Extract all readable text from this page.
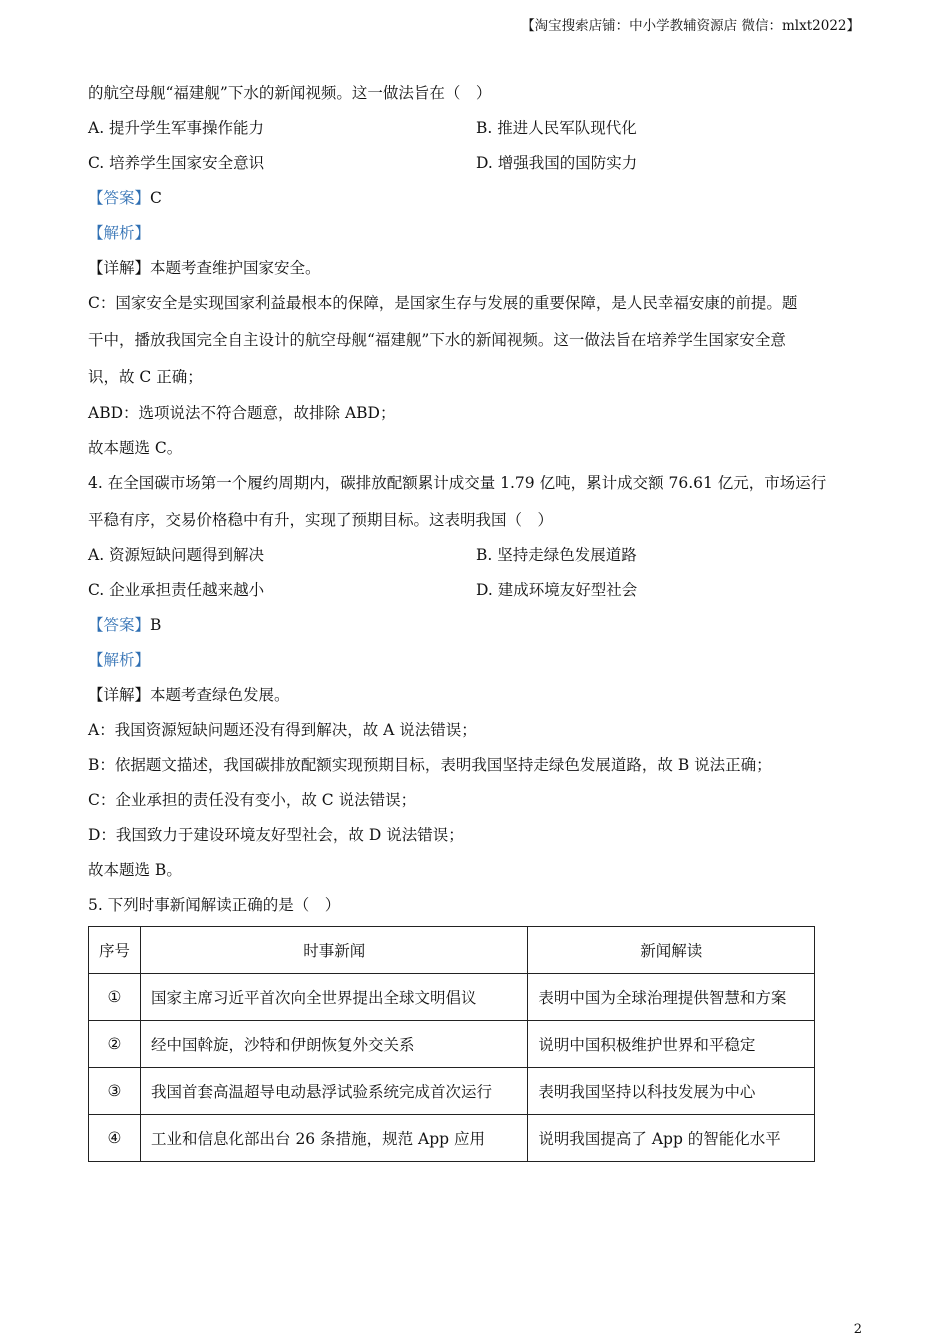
【淘宝搜索店铺：中小学教辅资源店 微信：mlxt2022】
的航空母舰“福建舰”下水的新闻视频。这一做法旨在（　）
A. 提升学生军事操作能力	B. 推进人民军队现代化
C. 培养学生国家安全意识	D. 增强我国的国防实力
【答案】C
【解析】
【详解】本题考查维护国家安全。
C：国家安全是实现国家利益最根本的保障，是国家生存与发展的重要保障，是人民幸福安康的前提。题
干中，播放我国完全自主设计的航空母舰“福建舰”下水的新闻视频。这一做法旨在培养学生国家安全意
识，故 C 正确；
ABD：选项说法不符合题意，故排除 ABD；
故本题选 C。
4. 在全国碳市场第一个履约周期内，碳排放配额累计成交量 1.79 亿吨，累计成交额 76.61 亿元，市场运行
平稳有序，交易价格稳中有升，实现了预期目标。这表明我国（　）
A. 资源短缺问题得到解决	B. 坚持走绿色发展道路
C. 企业承担责任越来越小	D. 建成环境友好型社会
【答案】B
【解析】
【详解】本题考查绿色发展。
A：我国资源短缺问题还没有得到解决，故 A 说法错误；
B：依据题文描述，我国碳排放配额实现预期目标，表明我国坚持走绿色发展道路，故 B 说法正确；
C：企业承担的责任没有变小，故 C 说法错误；
D：我国致力于建设环境友好型社会，故 D 说法错误；
故本题选 B。
5. 下列时事新闻解读正确的是（　）
序号	时事新闻	新闻解读
①	国家主席习近平首次向全世界提出全球文明倡议	表明中国为全球治理提供智慧和方案
②	经中国斡旋，沙特和伊朗恢复外交关系	说明中国积极维护世界和平稳定
③	我国首套高温超导电动悬浮试验系统完成首次运行	表明我国坚持以科技发展为中心
④	工业和信息化部出台 26 条措施，规范 App 应用	说明我国提高了 App 的智能化水平
2
